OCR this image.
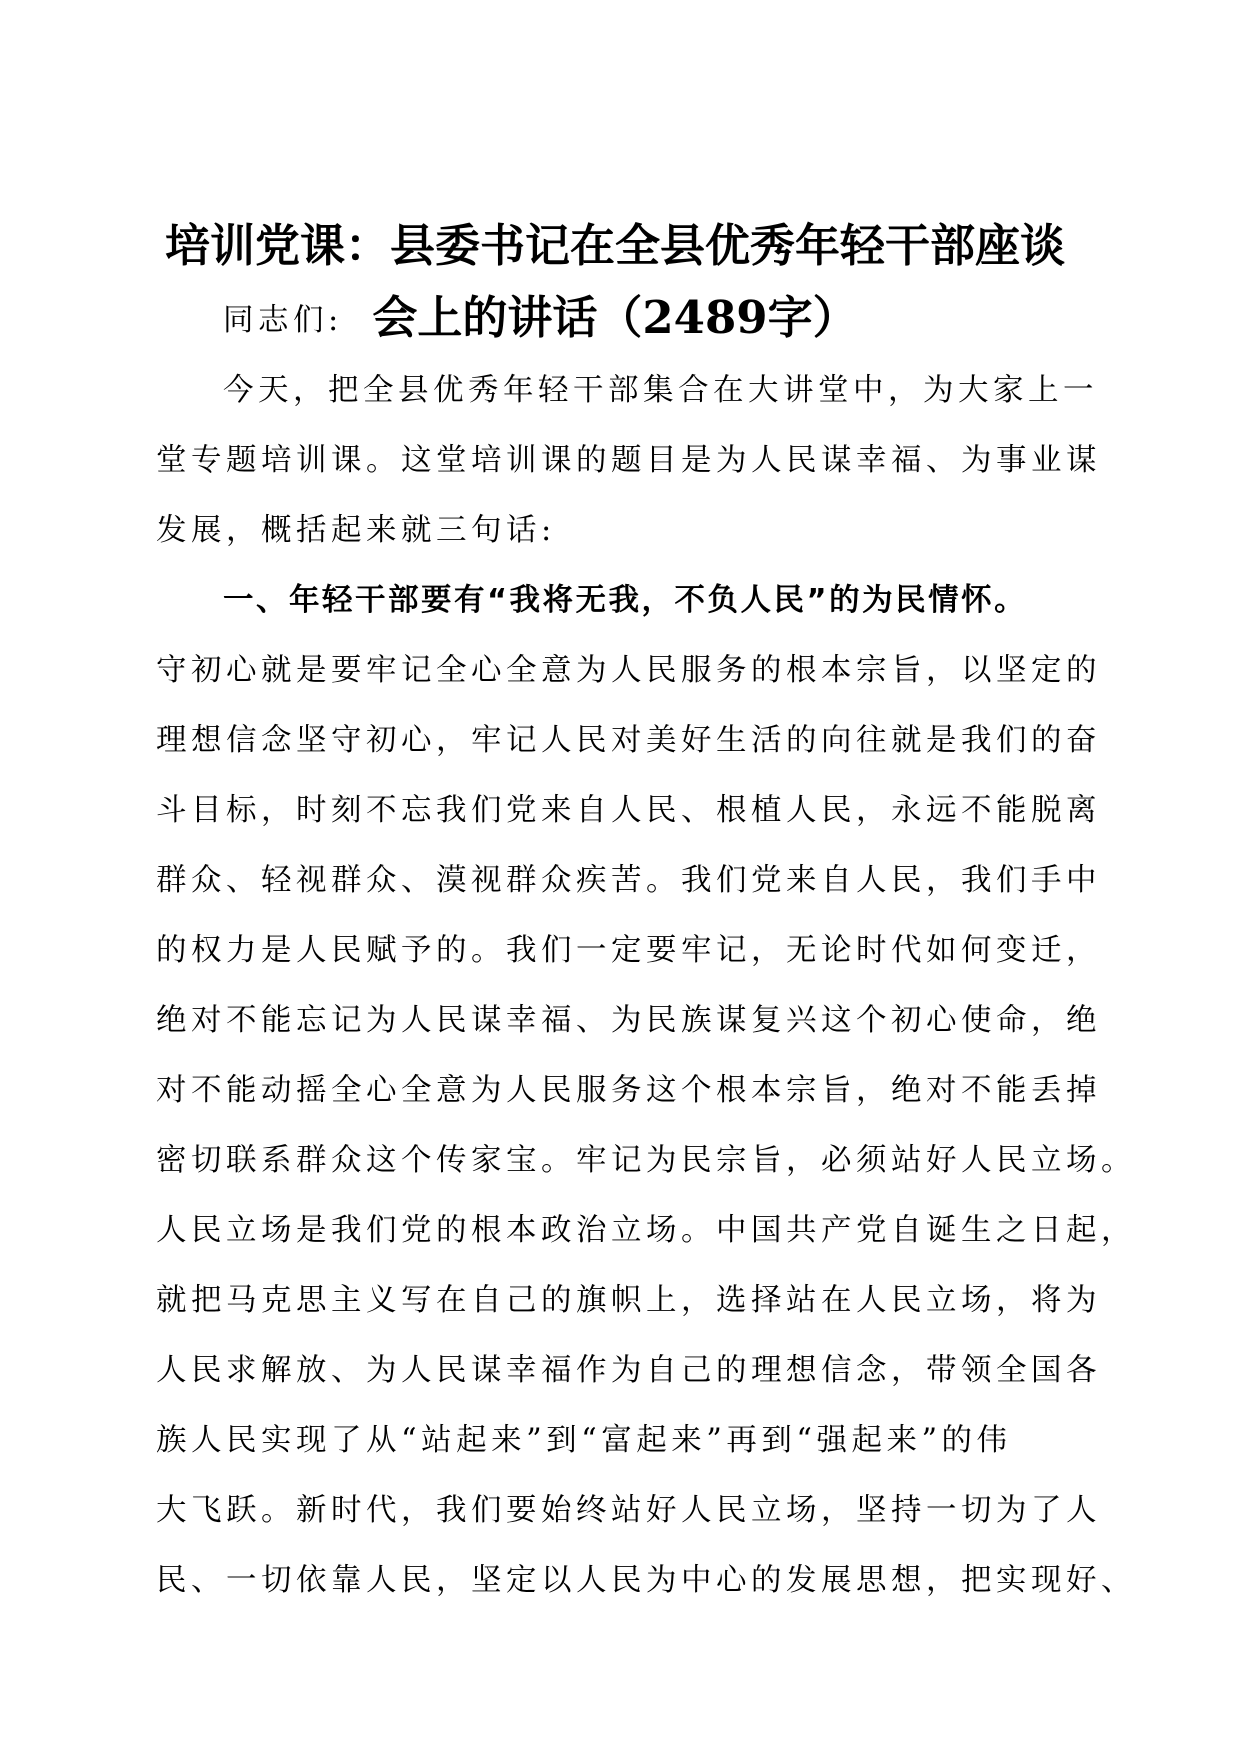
培训党课：县委书记在全县优秀年轻干部座谈
会上的讲话（2489字）
同志们:
今天，把全县优秀年轻干部集合在大讲堂中，为大家上一
堂专题培训课。这堂培训课的题目是为人民谋幸福、为事业谋
发展，概括起来就三句话:
一、年轻干部要有“我将无我，不负人民”的为民情怀。
守初心就是要牢记全心全意为人民服务的根本宗旨，以坚定的
理想信念坚守初心，牢记人民对美好生活的向往就是我们的奋
斗目标，时刻不忘我们党来自人民、根植人民，永远不能脱离
群众、轻视群众、漠视群众疾苦。我们党来自人民，我们手中
的权力是人民赋予的。我们一定要牢记，无论时代如何变迁，
绝对不能忘记为人民谋幸福、为民族谋复兴这个初心使命，绝
对不能动摇全心全意为人民服务这个根本宗旨，绝对不能丢掉
密切联系群众这个传家宝。牢记为民宗旨，必须站好人民立场。
人民立场是我们党的根本政治立场。中国共产党自诞生之日起，
就把马克思主义写在自己的旗帜上，选择站在人民立场，将为
人民求解放、为人民谋幸福作为自己的理想信念，带领全国各
族人民实现了从“站起来”到“富起来”再到“强起来”的伟
大飞跃。新时代，我们要始终站好人民立场，坚持一切为了人
民、一切依靠人民，坚定以人民为中心的发展思想，把实现好、
